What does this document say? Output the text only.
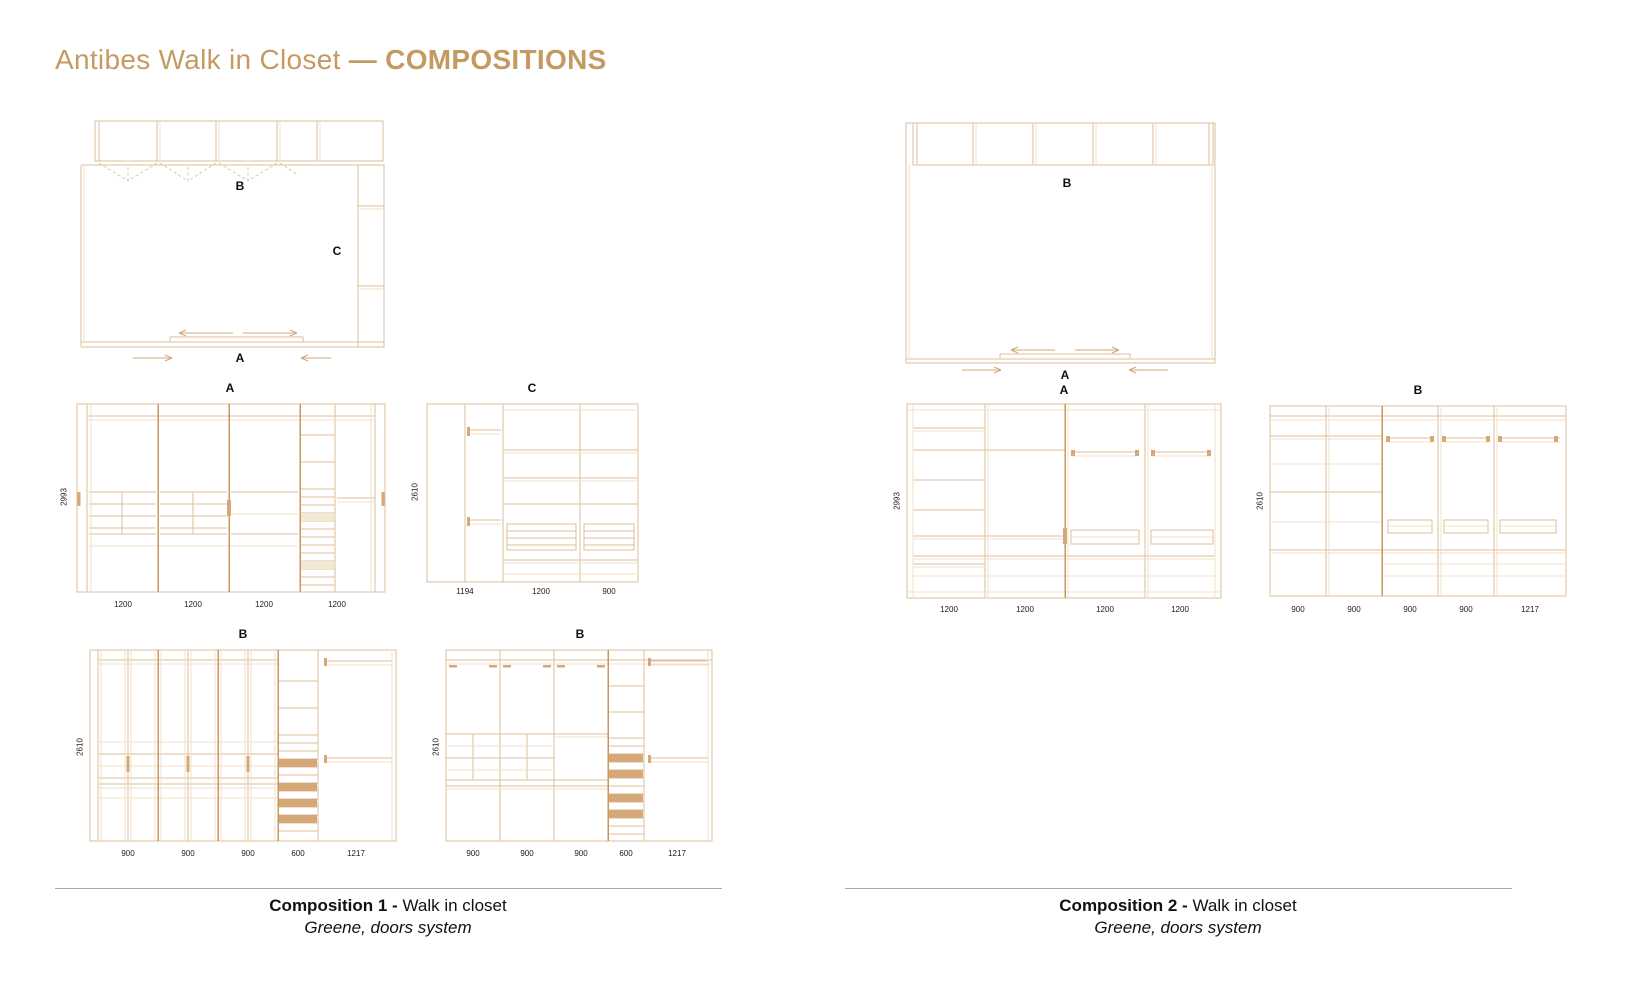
Antibes Walk in Closet — COMPOSITIONS
B
C
A
A
2993
1200	1200	1200	1200
C
2610
1194	1200	900
B
2610
900	900	900	600	1217
B
2610
900	900	900	600	1217
Composition 1 - Walk in closet
Greene, doors system
B
A
A
2993
1200	1200	1200	1200
B
2610
900	900	900	900	1217
Composition 2 - Walk in closet
Greene, doors system
